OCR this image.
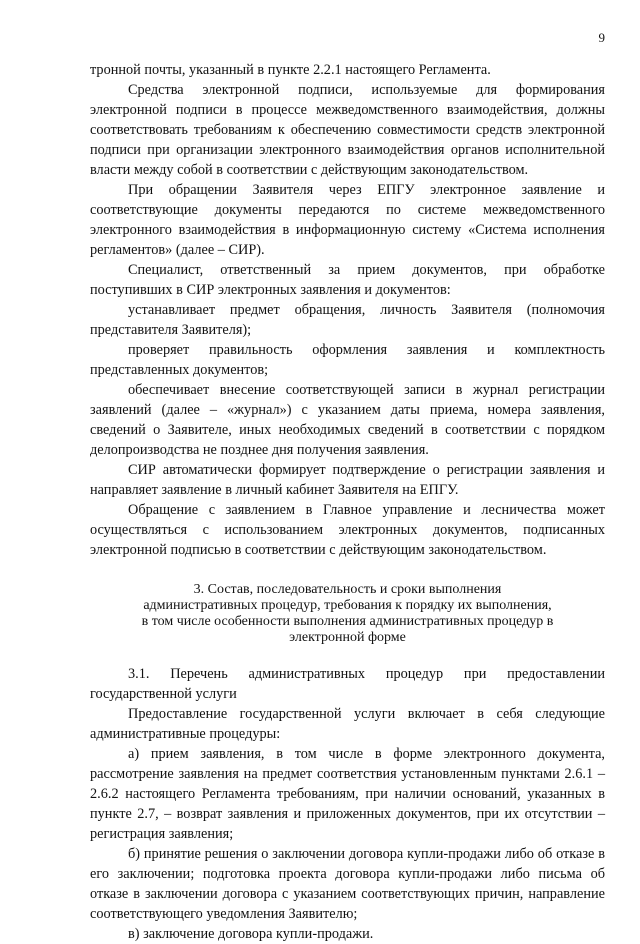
9

тронной почты, указанный в пункте 2.2.1 настоящего Регламента.

Средства электронной подписи, используемые для формирования электронной подписи в процессе межведомственного взаимодействия, должны соответствовать требованиям к обеспечению совместимости средств электронной подписи при организации электронного взаимодействия органов исполнительной власти между собой в соответствии с действующим законодательством.

При обращении Заявителя через ЕПГУ электронное заявление и соответствующие документы передаются по системе межведомственного электронного взаимодействия в информационную систему «Система исполнения регламентов» (далее – СИР).

Специалист, ответственный за прием документов, при обработке поступивших в СИР электронных заявления и документов:

устанавливает предмет обращения, личность Заявителя (полномочия представителя Заявителя);

проверяет правильность оформления заявления и комплектность представленных документов;

обеспечивает внесение соответствующей записи в журнал регистрации заявлений (далее – «журнал») с указанием даты приема, номера заявления, сведений о Заявителе, иных необходимых сведений в соответствии с порядком делопроизводства не позднее дня получения заявления.

СИР автоматически формирует подтверждение о регистрации заявления и направляет заявление в личный кабинет Заявителя на ЕПГУ.

Обращение с заявлением в Главное управление и лесничества может осуществляться с использованием электронных документов, подписанных электронной подписью в соответствии с действующим законодательством.

3. Состав, последовательность и сроки выполнения административных процедур, требования к порядку их выполнения, в том числе особенности выполнения административных процедур в электронной форме

3.1. Перечень административных процедур при предоставлении государственной услуги

Предоставление государственной услуги включает в себя следующие административные процедуры:

а) прием заявления, в том числе в форме электронного документа, рассмотрение заявления на предмет соответствия установленным пунктами 2.6.1 – 2.6.2 настоящего Регламента требованиям, при наличии оснований, указанных в пункте 2.7, – возврат заявления и приложенных документов, при их отсутствии – регистрация заявления;

б) принятие решения о заключении договора купли-продажи либо об отказе в его заключении; подготовка проекта договора купли-продажи либо письма об отказе в заключении договора с указанием соответствующих причин, направление соответствующего уведомления Заявителю;

в) заключение договора купли-продажи.
